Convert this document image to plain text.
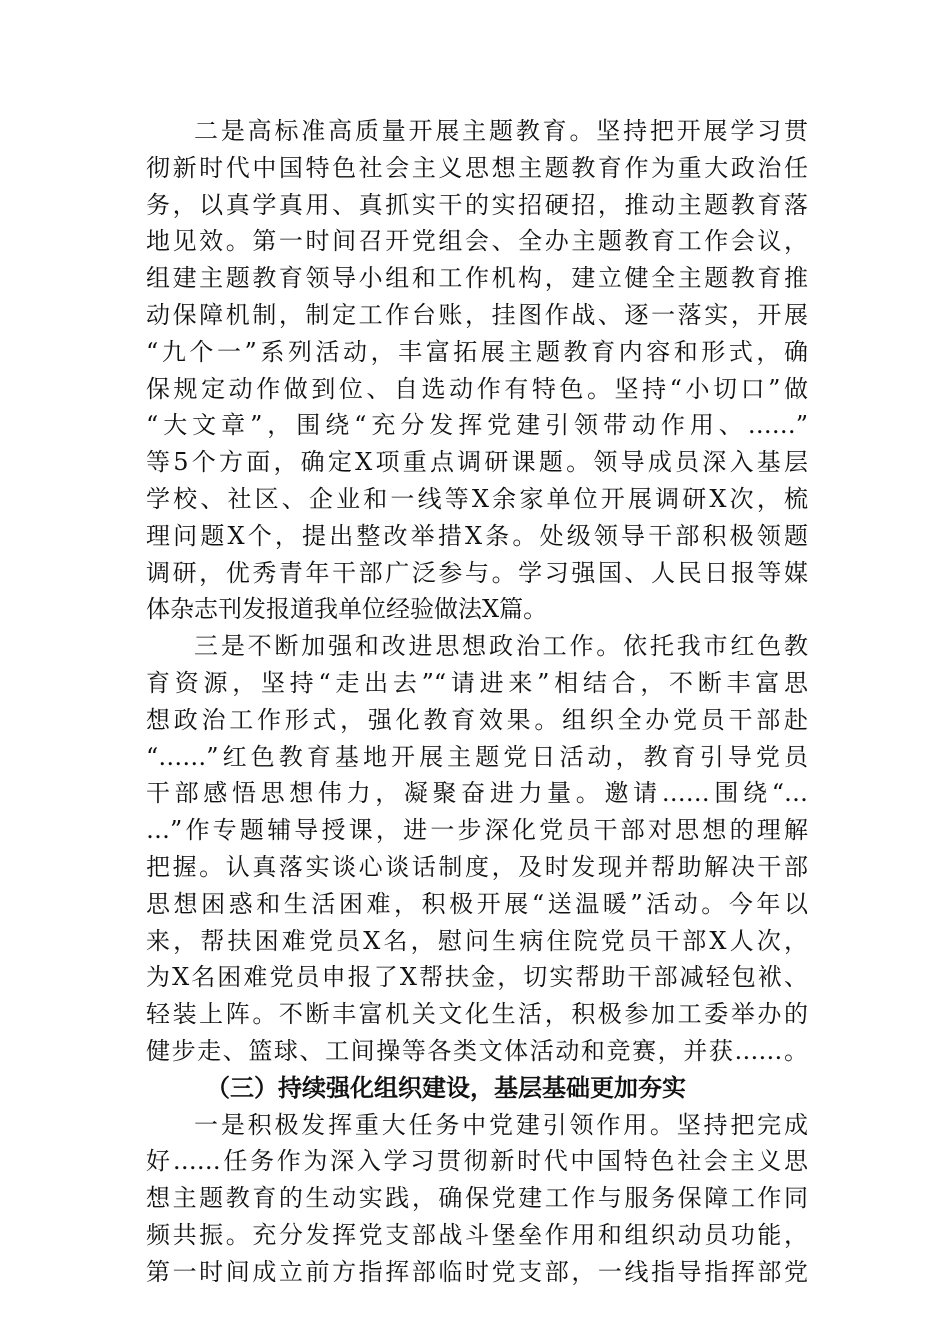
二是高标准高质量开展主题教育。坚持把开展学习贯
彻新时代中国特色社会主义思想主题教育作为重大政治任
务，以真学真用、真抓实干的实招硬招，推动主题教育落
地见效。第一时间召开党组会、全办主题教育工作会议，
组建主题教育领导小组和工作机构，建立健全主题教育推
动保障机制，制定工作台账，挂图作战、逐一落实，开展
“九个一”系列活动，丰富拓展主题教育内容和形式，确
保规定动作做到位、自选动作有特色。坚持“小切口”做
“大文章”，围绕“充分发挥党建引领带动作用、……”
等5个方面，确定X项重点调研课题。领导成员深入基层
学校、社区、企业和一线等X余家单位开展调研X次，梳
理问题X个，提出整改举措X条。处级领导干部积极领题
调研，优秀青年干部广泛参与。学习强国、人民日报等媒
体杂志刊发报道我单位经验做法X篇。
三是不断加强和改进思想政治工作。依托我市红色教
育资源，坚持“走出去”“请进来”相结合，不断丰富思
想政治工作形式，强化教育效果。组织全办党员干部赴
“……”红色教育基地开展主题党日活动，教育引导党员
干部感悟思想伟力，凝聚奋进力量。邀请……围绕“…
…”作专题辅导授课，进一步深化党员干部对思想的理解
把握。认真落实谈心谈话制度，及时发现并帮助解决干部
思想困惑和生活困难，积极开展“送温暖”活动。今年以
来，帮扶困难党员X名，慰问生病住院党员干部X人次，
为X名困难党员申报了X帮扶金，切实帮助干部减轻包袱、
轻装上阵。不断丰富机关文化生活，积极参加工委举办的
健步走、篮球、工间操等各类文体活动和竞赛，并获……。
（三）持续强化组织建设，基层基础更加夯实
一是积极发挥重大任务中党建引领作用。坚持把完成
好……任务作为深入学习贯彻新时代中国特色社会主义思
想主题教育的生动实践，确保党建工作与服务保障工作同
频共振。充分发挥党支部战斗堡垒作用和组织动员功能，
第一时间成立前方指挥部临时党支部，一线指导指挥部党
